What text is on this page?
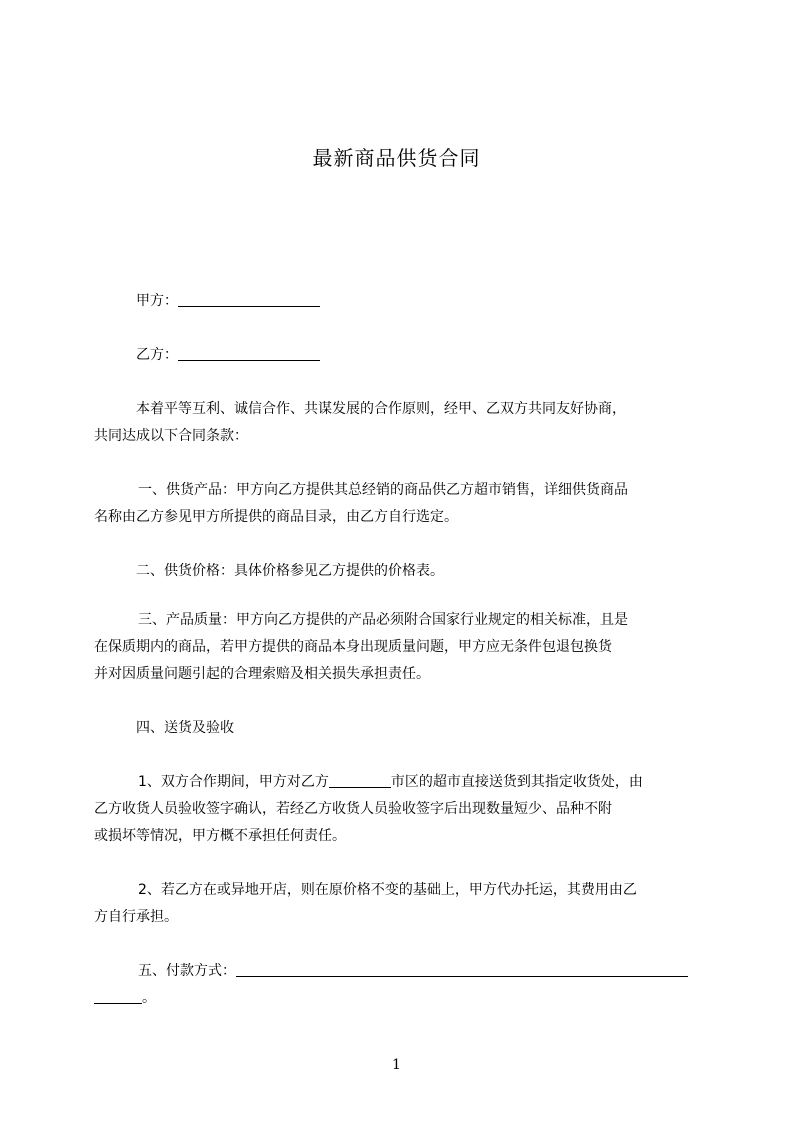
最新商品供货合同
甲方：
乙方：
本着平等互利、诚信合作、共谋发展的合作原则，经甲、乙双方共同友好协商，
共同达成以下合同条款：
一、供货产品：甲方向乙方提供其总经销的商品供乙方超市销售，详细供货商品
名称由乙方参见甲方所提供的商品目录，由乙方自行选定。
二、供货价格：具体价格参见乙方提供的价格表。
三、产品质量：甲方向乙方提供的产品必须附合国家行业规定的相关标准，且是
在保质期内的商品，若甲方提供的商品本身出现质量问题，甲方应无条件包退包换货
并对因质量问题引起的合理索赔及相关损失承担责任。
四、送货及验收
1、双方合作期间，甲方对乙方	市区的超市直接送货到其指定收货处，由
乙方收货人员验收签字确认，若经乙方收货人员验收签字后出现数量短少、品种不附
或损坏等情况，甲方概不承担任何责任。
2、若乙方在或异地开店，则在原价格不变的基础上，甲方代办托运，其费用由乙
方自行承担。
五、付款方式：
。
1
